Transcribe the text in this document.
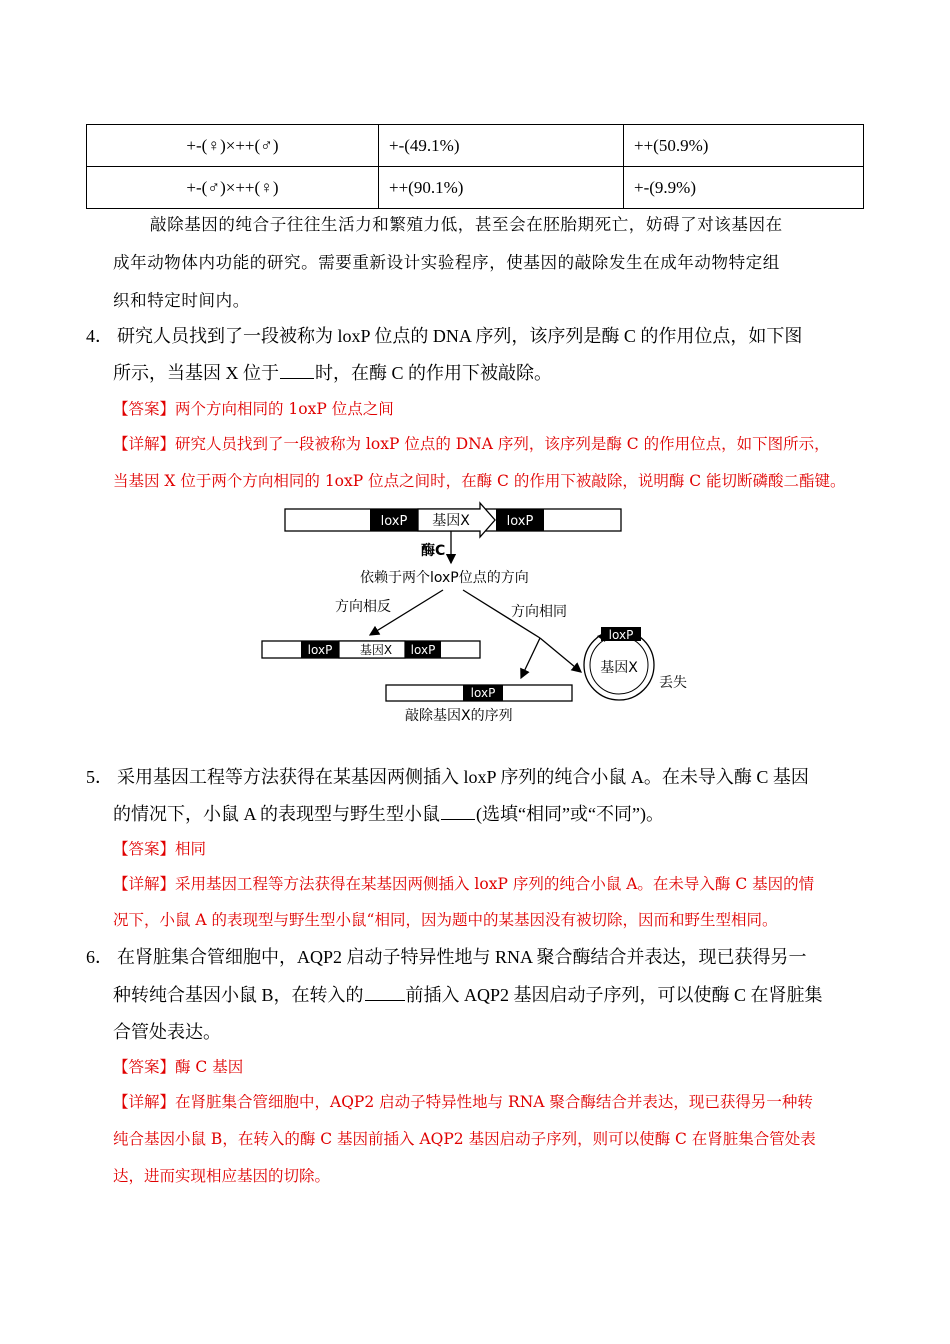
+-(♀)×++(♂)	+-(49.1%)	++(50.9%)
+-(♂)×++(♀)	++(90.1%)	+-(9.9%)
敲除基因的纯合子往往生活力和繁殖力低，甚至会在胚胎期死亡，妨碍了对该基因在
成年动物体内功能的研究。需要重新设计实验程序，使基因的敲除发生在成年动物特定组
织和特定时间内。
4． 研究人员找到了一段被称为 loxP 位点的 DNA 序列，该序列是酶 C 的作用位点，如下图
所示，当基因 X 位于 时，在酶 C 的作用下被敲除。
【答案】两个方向相同的 1oxP 位点之间
【详解】研究人员找到了一段被称为 loxP 位点的 DNA 序列，该序列是酶 C 的作用位点，如下图所示，
当基因 X 位于两个方向相同的 1oxP 位点之间时，在酶 C 的作用下被敲除，说明酶 C 能切断磷酸二酯键。
loxP 基因X	loxP
酶C
依赖于两个loxP位点的方向
方向相反	方向相同
loxP 基因X loxP
loxP
敲除基因X的序列
loxP
基因X
丢失
5． 采用基因工程等方法获得在某基因两侧插入 loxP 序列的纯合小鼠 A。在未导入酶 C 基因
的情况下，小鼠 A 的表现型与野生型小鼠 (选填“相同”或“不同”)。
【答案】相同
【详解】采用基因工程等方法获得在某基因两侧插入 loxP 序列的纯合小鼠 A。在未导入酶 C 基因的情
况下，小鼠 A 的表现型与野生型小鼠“相同，因为题中的某基因没有被切除，因而和野生型相同。
6． 在肾脏集合管细胞中，AQP2 启动子特异性地与 RNA 聚合酶结合并表达，现已获得另一
种转纯合基因小鼠 B，在转入的 前插入 AQP2 基因启动子序列，可以使酶 C 在肾脏集
合管处表达。
【答案】酶 C 基因
【详解】在肾脏集合管细胞中，AQP2 启动子特异性地与 RNA 聚合酶结合并表达，现已获得另一种转
纯合基因小鼠 B，在转入的酶 C 基因前插入 AQP2 基因启动子序列，则可以使酶 C 在肾脏集合管处表
达，进而实现相应基因的切除。
